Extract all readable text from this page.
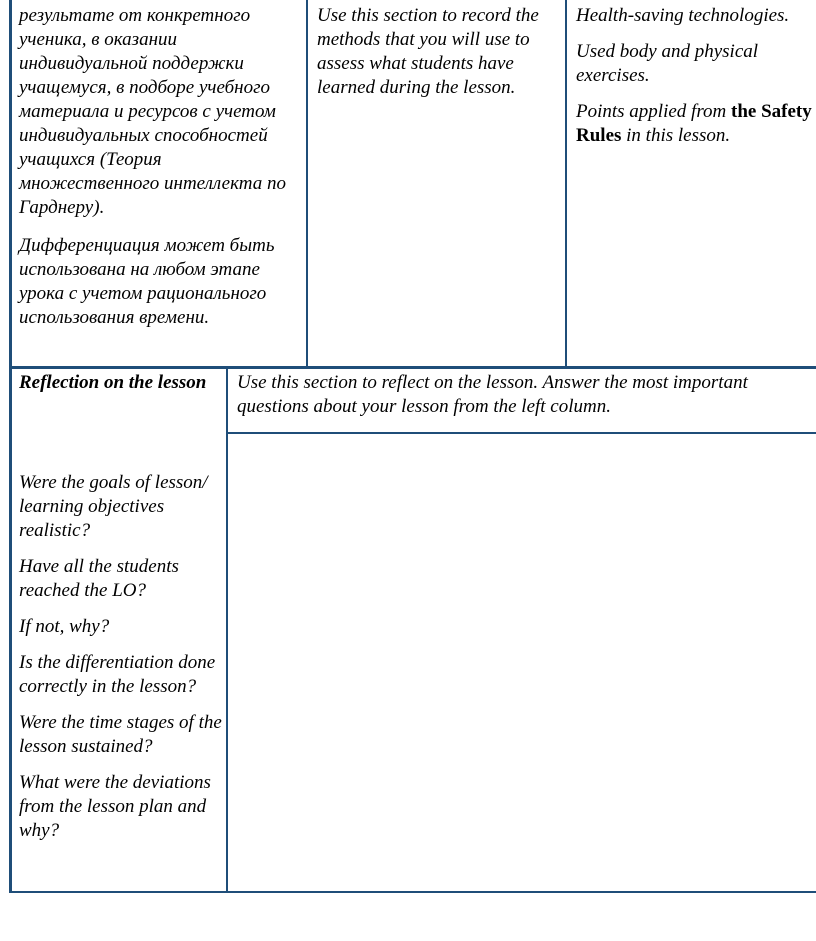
результате от конкретного ученика, в оказании индивидуальной поддержки учащемуся, в подборе учебного материала и ресурсов с учетом индивидуальных способностей учащихся (Теория множественного интеллекта по Гарднеру).

Дифференциация может быть использована на любом этапе урока с учетом рационального использования времени.

Use this section to record the methods that you will use to assess what students have learned during the lesson.

Health-saving technologies.

Used body and physical exercises.

Points applied from the Safety Rules in this lesson.

Reflection on the lesson

Were the goals of lesson/ learning objectives realistic?

Have all the students reached the LO?

If not, why?

Is the differentiation done correctly in the lesson?

Were the time stages of the lesson sustained?

What were the deviations from the lesson plan and why?

Use this section to reflect on the lesson. Answer the most important questions about your lesson from the left column.
